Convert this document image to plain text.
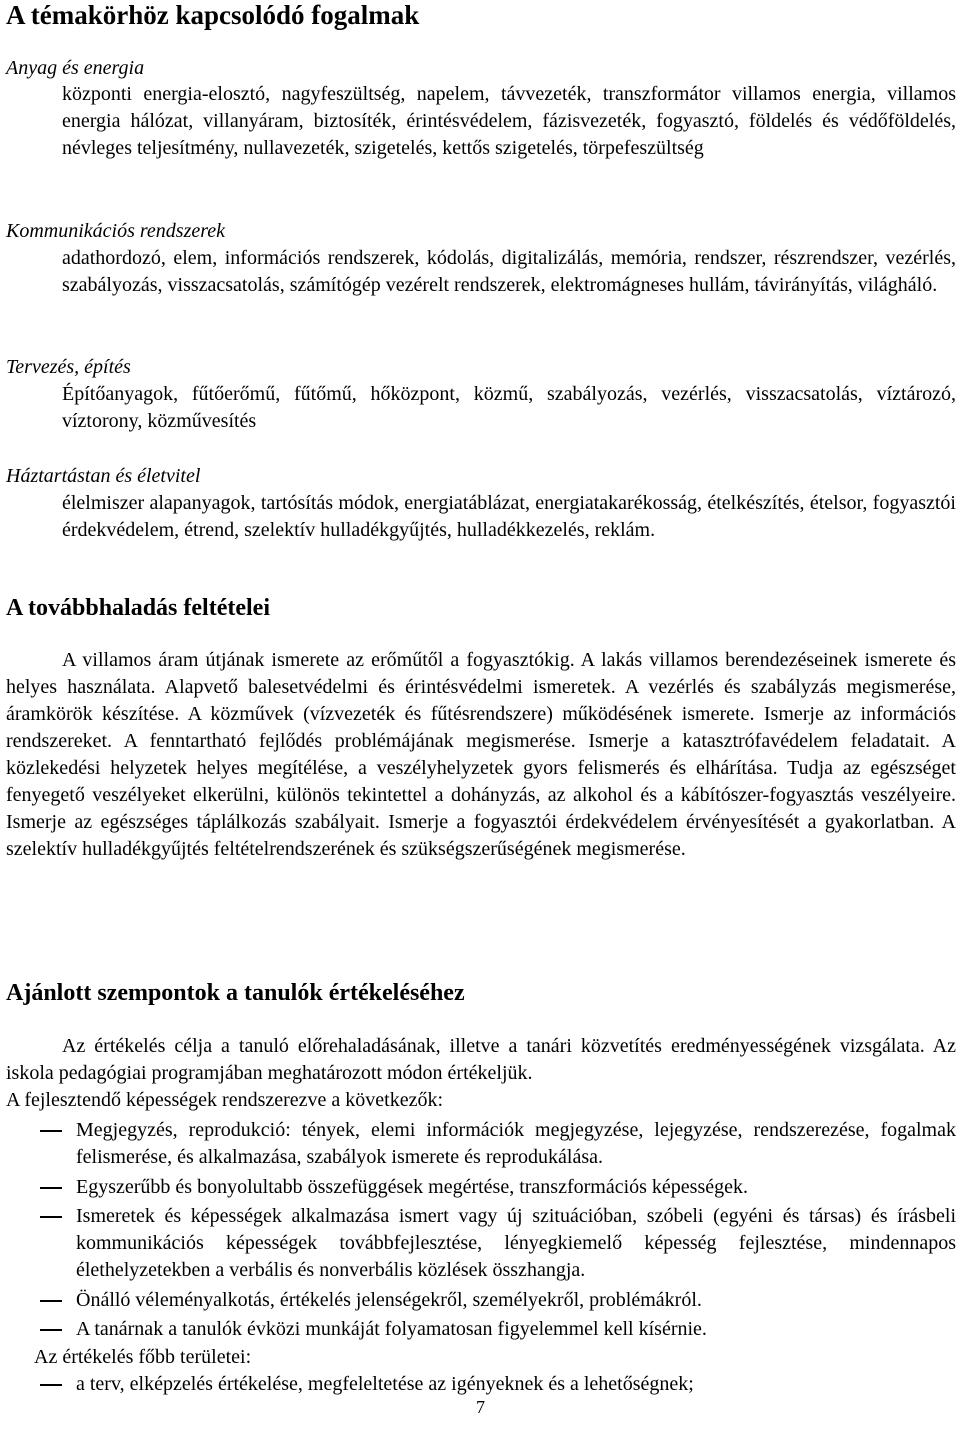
A témakörhöz kapcsolódó fogalmak
Anyag és energia
központi energia-elosztó, nagyfeszültség, napelem, távvezeték, transzformátor villamos energia, villamos energia hálózat, villanyáram, biztosíték, érintésvédelem, fázisvezeték, fogyasztó, földelés és védőföldelés, névleges teljesítmény, nullavezeték, szigetelés, kettős szigetelés, törpefeszültség
Kommunikációs rendszerek
adathordozó, elem, információs rendszerek, kódolás, digitalizálás, memória, rendszer, részrendszer, vezérlés, szabályozás, visszacsatolás, számítógép vezérelt rendszerek, elektromágneses hullám, távirányítás, világháló.
Tervezés, építés
Építőanyagok, fűtőerőmű, fűtőmű, hőközpont, közmű, szabályozás, vezérlés, visszacsatolás, víztározó, víztorony, közművesítés
Háztartástan és életvitel
élelmiszer alapanyagok, tartósítás módok, energiatáblázat, energiatakarékosság, ételkészítés, ételsor, fogyasztói érdekvédelem, étrend, szelektív hulladékgyűjtés, hulladékkezelés, reklám.
A továbbhaladás feltételei
A villamos áram útjának ismerete az erőműtől a fogyasztókig. A lakás villamos berendezéseinek ismerete és helyes használata. Alapvető balesetvédelmi és érintésvédelmi ismeretek. A vezérlés és szabályzás megismerése, áramkörök készítése. A közművek (vízvezeték és fűtésrendszere) működésének ismerete. Ismerje az információs rendszereket. A fenntartható fejlődés problémájának megismerése. Ismerje a katasztrófavédelem feladatait. A közlekedési helyzetek helyes megítélése, a veszélyhelyzetek gyors felismerés és elhárítása. Tudja az egészséget fenyegető veszélyeket elkerülni, különös tekintettel a dohányzás, az alkohol és a kábítószer-fogyasztás veszélyeire. Ismerje az egészséges táplálkozás szabályait. Ismerje a fogyasztói érdekvédelem érvényesítését a gyakorlatban. A szelektív hulladékgyűjtés feltételrendszerének és szükségszerűségének megismerése.
Ajánlott szempontok a tanulók értékeléséhez
Az értékelés célja a tanuló előrehaladásának, illetve a tanári közvetítés eredményességének vizsgálata. Az iskola pedagógiai programjában meghatározott módon értékeljük.
A fejlesztendő képességek rendszerezve a következők:
Megjegyzés, reprodukció: tények, elemi információk megjegyzése, lejegyzése, rendszerezése, fogalmak felismerése, és alkalmazása, szabályok ismerete és reprodukálása.
Egyszerűbb és bonyolultabb összefüggések megértése, transzformációs képességek.
Ismeretek és képességek alkalmazása ismert vagy új szituációban, szóbeli (egyéni és társas) és írásbeli kommunikációs képességek továbbfejlesztése, lényegkiemelő képesség fejlesztése, mindennapos élethelyzetekben a verbális és nonverbális közlések összhangja.
Önálló véleményalkotás, értékelés jelenségekről, személyekről, problémákról.
A tanárnak a tanulók évközi munkáját folyamatosan figyelemmel kell kísérnie.
Az értékelés főbb területei:
a terv, elképzelés értékelése, megfeleltetése az igényeknek és a lehetőségnek;
7
